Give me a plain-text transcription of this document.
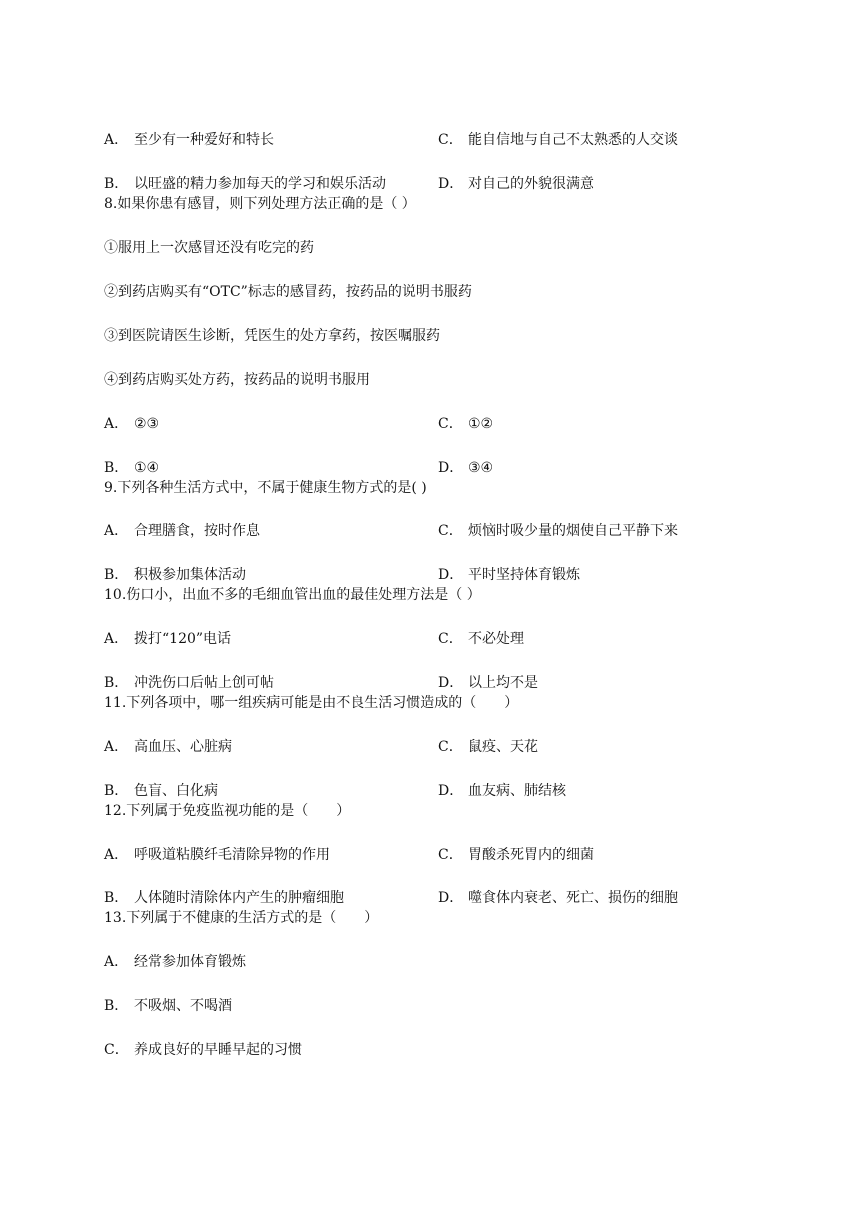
A． 至少有一种爱好和特长	C． 能自信地与自己不太熟悉的人交谈
B． 以旺盛的精力参加每天的学习和娱乐活动	D． 对自己的外貌很满意
8.如果你患有感冒，则下列处理方法正确的是（ ）
①服用上一次感冒还没有吃完的药
②到药店购买有“OTC”标志的感冒药，按药品的说明书服药
③到医院请医生诊断，凭医生的处方拿药，按医嘱服药
④到药店购买处方药，按药品的说明书服用
A． ②③	C． ①②
B． ①④	D． ③④
9.下列各种生活方式中，不属于健康生物方式的是( )
A． 合理膳食，按时作息	C． 烦恼时吸少量的烟使自己平静下来
B． 积极参加集体活动	D． 平时坚持体育锻炼
10.伤口小，出血不多的毛细血管出血的最佳处理方法是（ ）
A． 拨打“120”电话	C． 不必处理
B． 冲洗伤口后帖上创可帖	D． 以上均不是
11.下列各项中，哪一组疾病可能是由不良生活习惯造成的（　　）
A． 高血压、心脏病	C． 鼠疫、天花
B． 色盲、白化病	D． 血友病、肺结核
12.下列属于免疫监视功能的是（　　）
A． 呼吸道粘膜纤毛清除异物的作用	C． 胃酸杀死胃内的细菌
B． 人体随时清除体内产生的肿瘤细胞	D． 噬食体内衰老、死亡、损伤的细胞
13.下列属于不健康的生活方式的是（　　）
A． 经常参加体育锻炼
B． 不吸烟、不喝酒
C． 养成良好的早睡早起的习惯
